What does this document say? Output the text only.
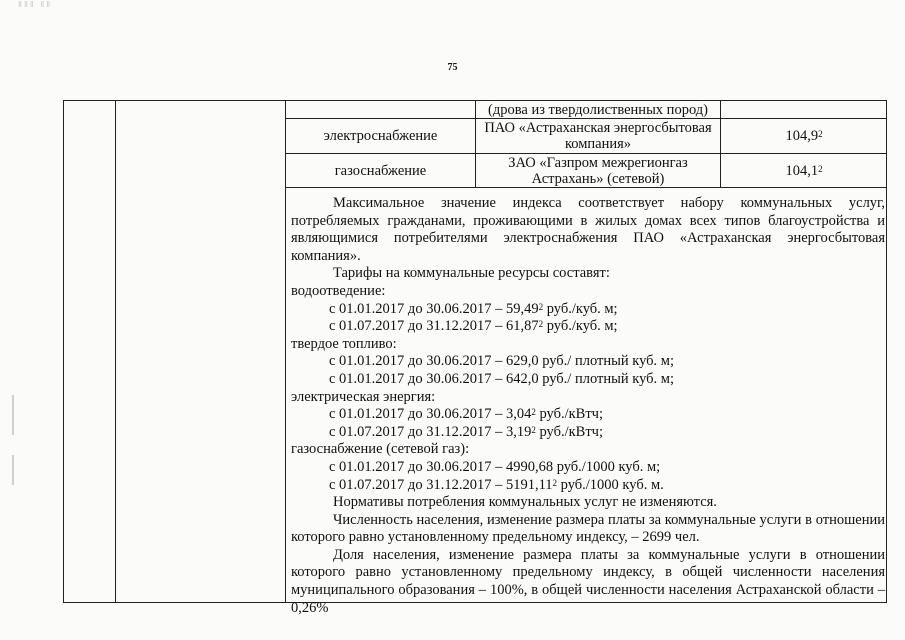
ⅡⅡⅡ ⅡⅡ
75
(дрова из твердолиственных пород)
электроснабжение	ПАО «Астраханская энергосбытовая компания»	104,9$^2$
газоснабжение	ЗАО «Газпром межрегионгаз Астрахань» (сетевой)	104,1$^2$

Максимальное значение индекса соответствует набору коммунальных услуг, потребляемых гражданами, проживающими в жилых домах всех типов благоустройства и являющимися потребителями электроснабжения ПАО «Астраханская энергосбытовая компания».

Тарифы на коммунальные ресурсы составят:

водоотведение:

с 01.01.2017 до 30.06.2017 – 59,49$^2$ руб./куб. м;

с 01.07.2017 до 31.12.2017 – 61,87$^2$ руб./куб. м;

твердое топливо:

с 01.01.2017 до 30.06.2017 – 629,0 руб./ плотный куб. м;

с 01.01.2017 до 30.06.2017 – 642,0 руб./ плотный куб. м;

электрическая энергия:

с 01.01.2017 до 30.06.2017 – 3,04$^2$ руб./кВтч;

с 01.07.2017 до 31.12.2017 – 3,19$^2$ руб./кВтч;

газоснабжение (сетевой газ):

с 01.01.2017 до 30.06.2017 – 4990,68 руб./1000 куб. м;

с 01.07.2017 до 31.12.2017 – 5191,11$^2$ руб./1000 куб. м.

Нормативы потребления коммунальных услуг не изменяются.

Численность населения, изменение размера платы за коммунальные услуги в отношении которого равно установленному предельному индексу, – 2699 чел.

Доля населения, изменение размера платы за коммунальные услуги в отношении которого равно установленному предельному индексу, в общей численности населения муниципального образования – 100%, в общей численности населения Астраханской области – 0,26%
